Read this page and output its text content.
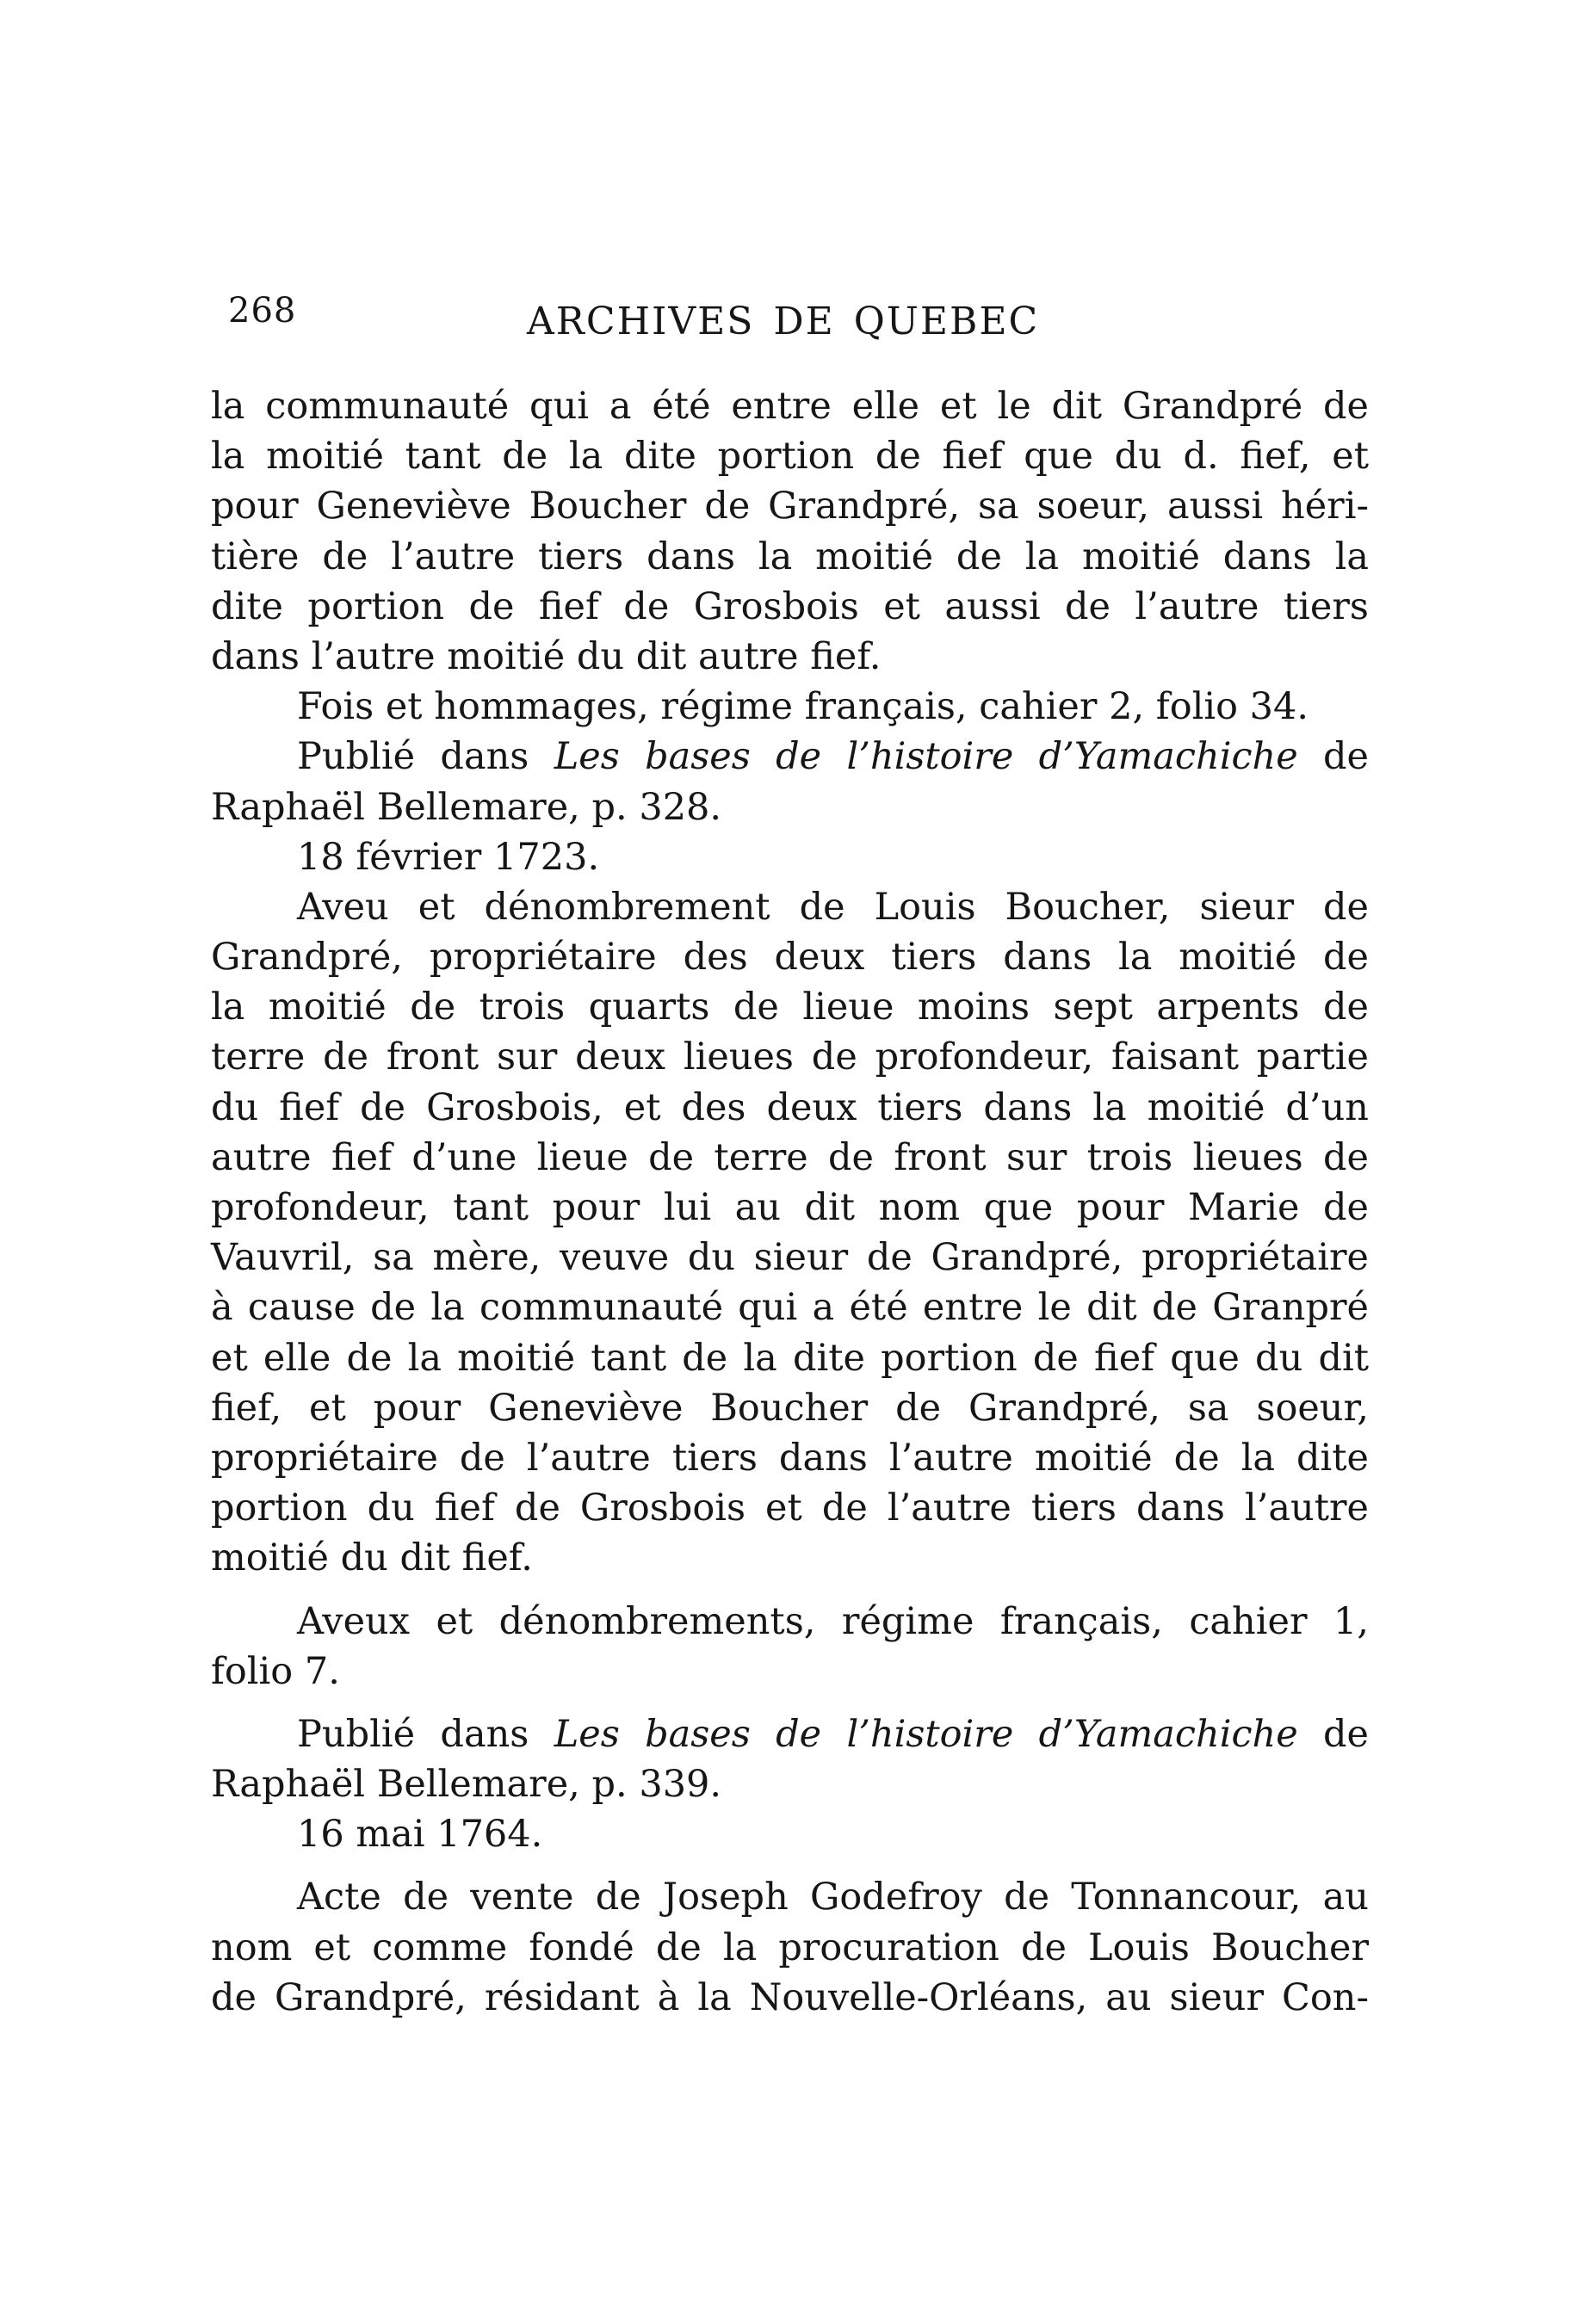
268	ARCHIVES DE QUEBEC
la communauté qui a été entre elle et le dit Grandpré de
la moitié tant de la dite portion de fief que du d. fief, et
pour Geneviève Boucher de Grandpré, sa soeur, aussi héri-
tière de l’autre tiers dans la moitié de la moitié dans la
dite portion de fief de Grosbois et aussi de l’autre tiers
dans l’autre moitié du dit autre fief.
Fois et hommages, régime français, cahier 2, folio 34.
Publié dans Les bases de l’histoire d’Yamachiche de
Raphaël Bellemare, p. 328.
18 février 1723.
Aveu et dénombrement de Louis Boucher, sieur de
Grandpré, propriétaire des deux tiers dans la moitié de
la moitié de trois quarts de lieue moins sept arpents de
terre de front sur deux lieues de profondeur, faisant partie
du fief de Grosbois, et des deux tiers dans la moitié d’un
autre fief d’une lieue de terre de front sur trois lieues de
profondeur, tant pour lui au dit nom que pour Marie de
Vauvril, sa mère, veuve du sieur de Grandpré, propriétaire
à cause de la communauté qui a été entre le dit de Granpré
et elle de la moitié tant de la dite portion de fief que du dit
fief, et pour Geneviève Boucher de Grandpré, sa soeur,
propriétaire de l’autre tiers dans l’autre moitié de la dite
portion du fief de Grosbois et de l’autre tiers dans l’autre
moitié du dit fief.
Aveux et dénombrements, régime français, cahier 1,
folio 7.
Publié dans Les bases de l’histoire d’Yamachiche de
Raphaël Bellemare, p. 339.
16 mai 1764.
Acte de vente de Joseph Godefroy de Tonnancour, au
nom et comme fondé de la procuration de Louis Boucher
de Grandpré, résidant à la Nouvelle-Orléans, au sieur Con-
